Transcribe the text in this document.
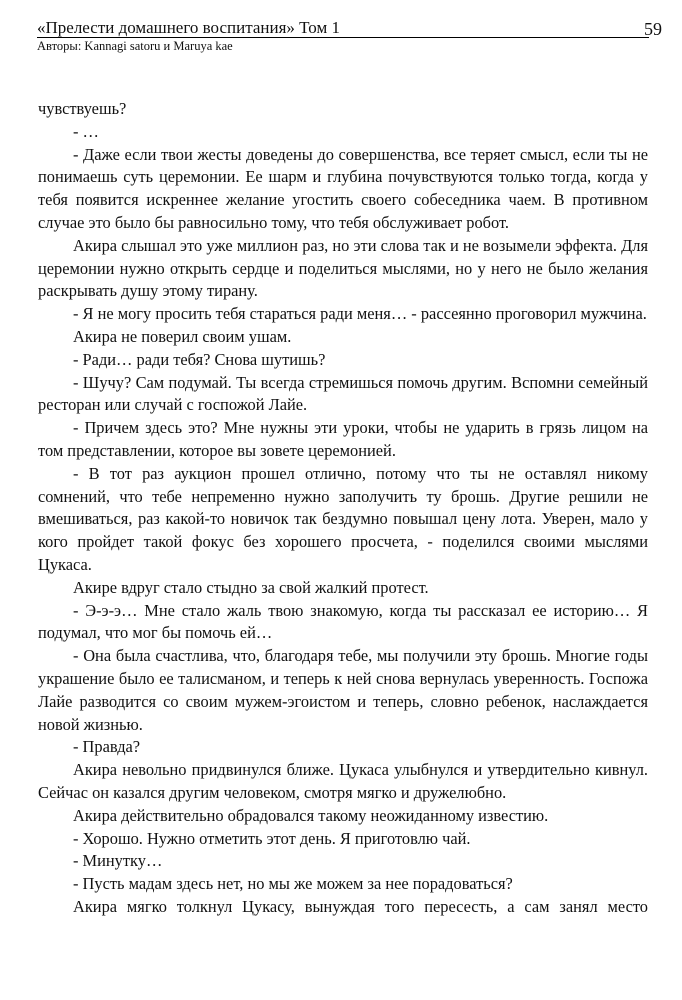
«Прелести домашнего воспитания» Том 1
Авторы: Kannagi satoru и Maruya kae
59

чувствуешь?

- …

- Даже если твои жесты доведены до совершенства, все теряет смысл, если ты не понимаешь суть церемонии. Ее шарм и глубина почувствуются только тогда, когда у тебя появится искреннее желание угостить своего собеседника чаем. В противном случае это было бы равносильно тому, что тебя обслуживает робот.

Акира слышал это уже миллион раз, но эти слова так и не возымели эффекта. Для церемонии нужно открыть сердце и поделиться мыслями, но у него не было желания раскрывать душу этому тирану.

- Я не могу просить тебя стараться ради меня… - рассеянно проговорил мужчина.

Акира не поверил своим ушам.

- Ради… ради тебя? Снова шутишь?

- Шучу? Сам подумай. Ты всегда стремишься помочь другим. Вспомни семейный ресторан или случай с госпожой Лайе.

- Причем здесь это? Мне нужны эти уроки, чтобы не ударить в грязь лицом на том представлении, которое вы зовете церемонией.

- В тот раз аукцион прошел отлично, потому что ты не оставлял никому сомнений, что тебе непременно нужно заполучить ту брошь. Другие решили не вмешиваться, раз какой-то новичок так бездумно повышал цену лота. Уверен, мало у кого пройдет такой фокус без хорошего просчета, - поделился своими мыслями Цукаса.

Акире вдруг стало стыдно за свой жалкий протест.

- Э-э-э… Мне стало жаль твою знакомую, когда ты рассказал ее историю… Я подумал, что мог бы помочь ей…

- Она была счастлива, что, благодаря тебе, мы получили эту брошь. Многие годы украшение было ее талисманом, и теперь к ней снова вернулась уверенность. Госпожа Лайе разводится со своим мужем-эгоистом и теперь, словно ребенок, наслаждается новой жизнью.

- Правда?

Акира невольно придвинулся ближе. Цукаса улыбнулся и утвердительно кивнул. Сейчас он казался другим человеком, смотря мягко и дружелюбно.

Акира действительно обрадовался такому неожиданному известию.

- Хорошо. Нужно отметить этот день. Я приготовлю чай.

- Минутку…

- Пусть мадам здесь нет, но мы же можем за нее порадоваться?

Акира мягко толкнул Цукасу, вынуждая того пересесть, а сам занял место
